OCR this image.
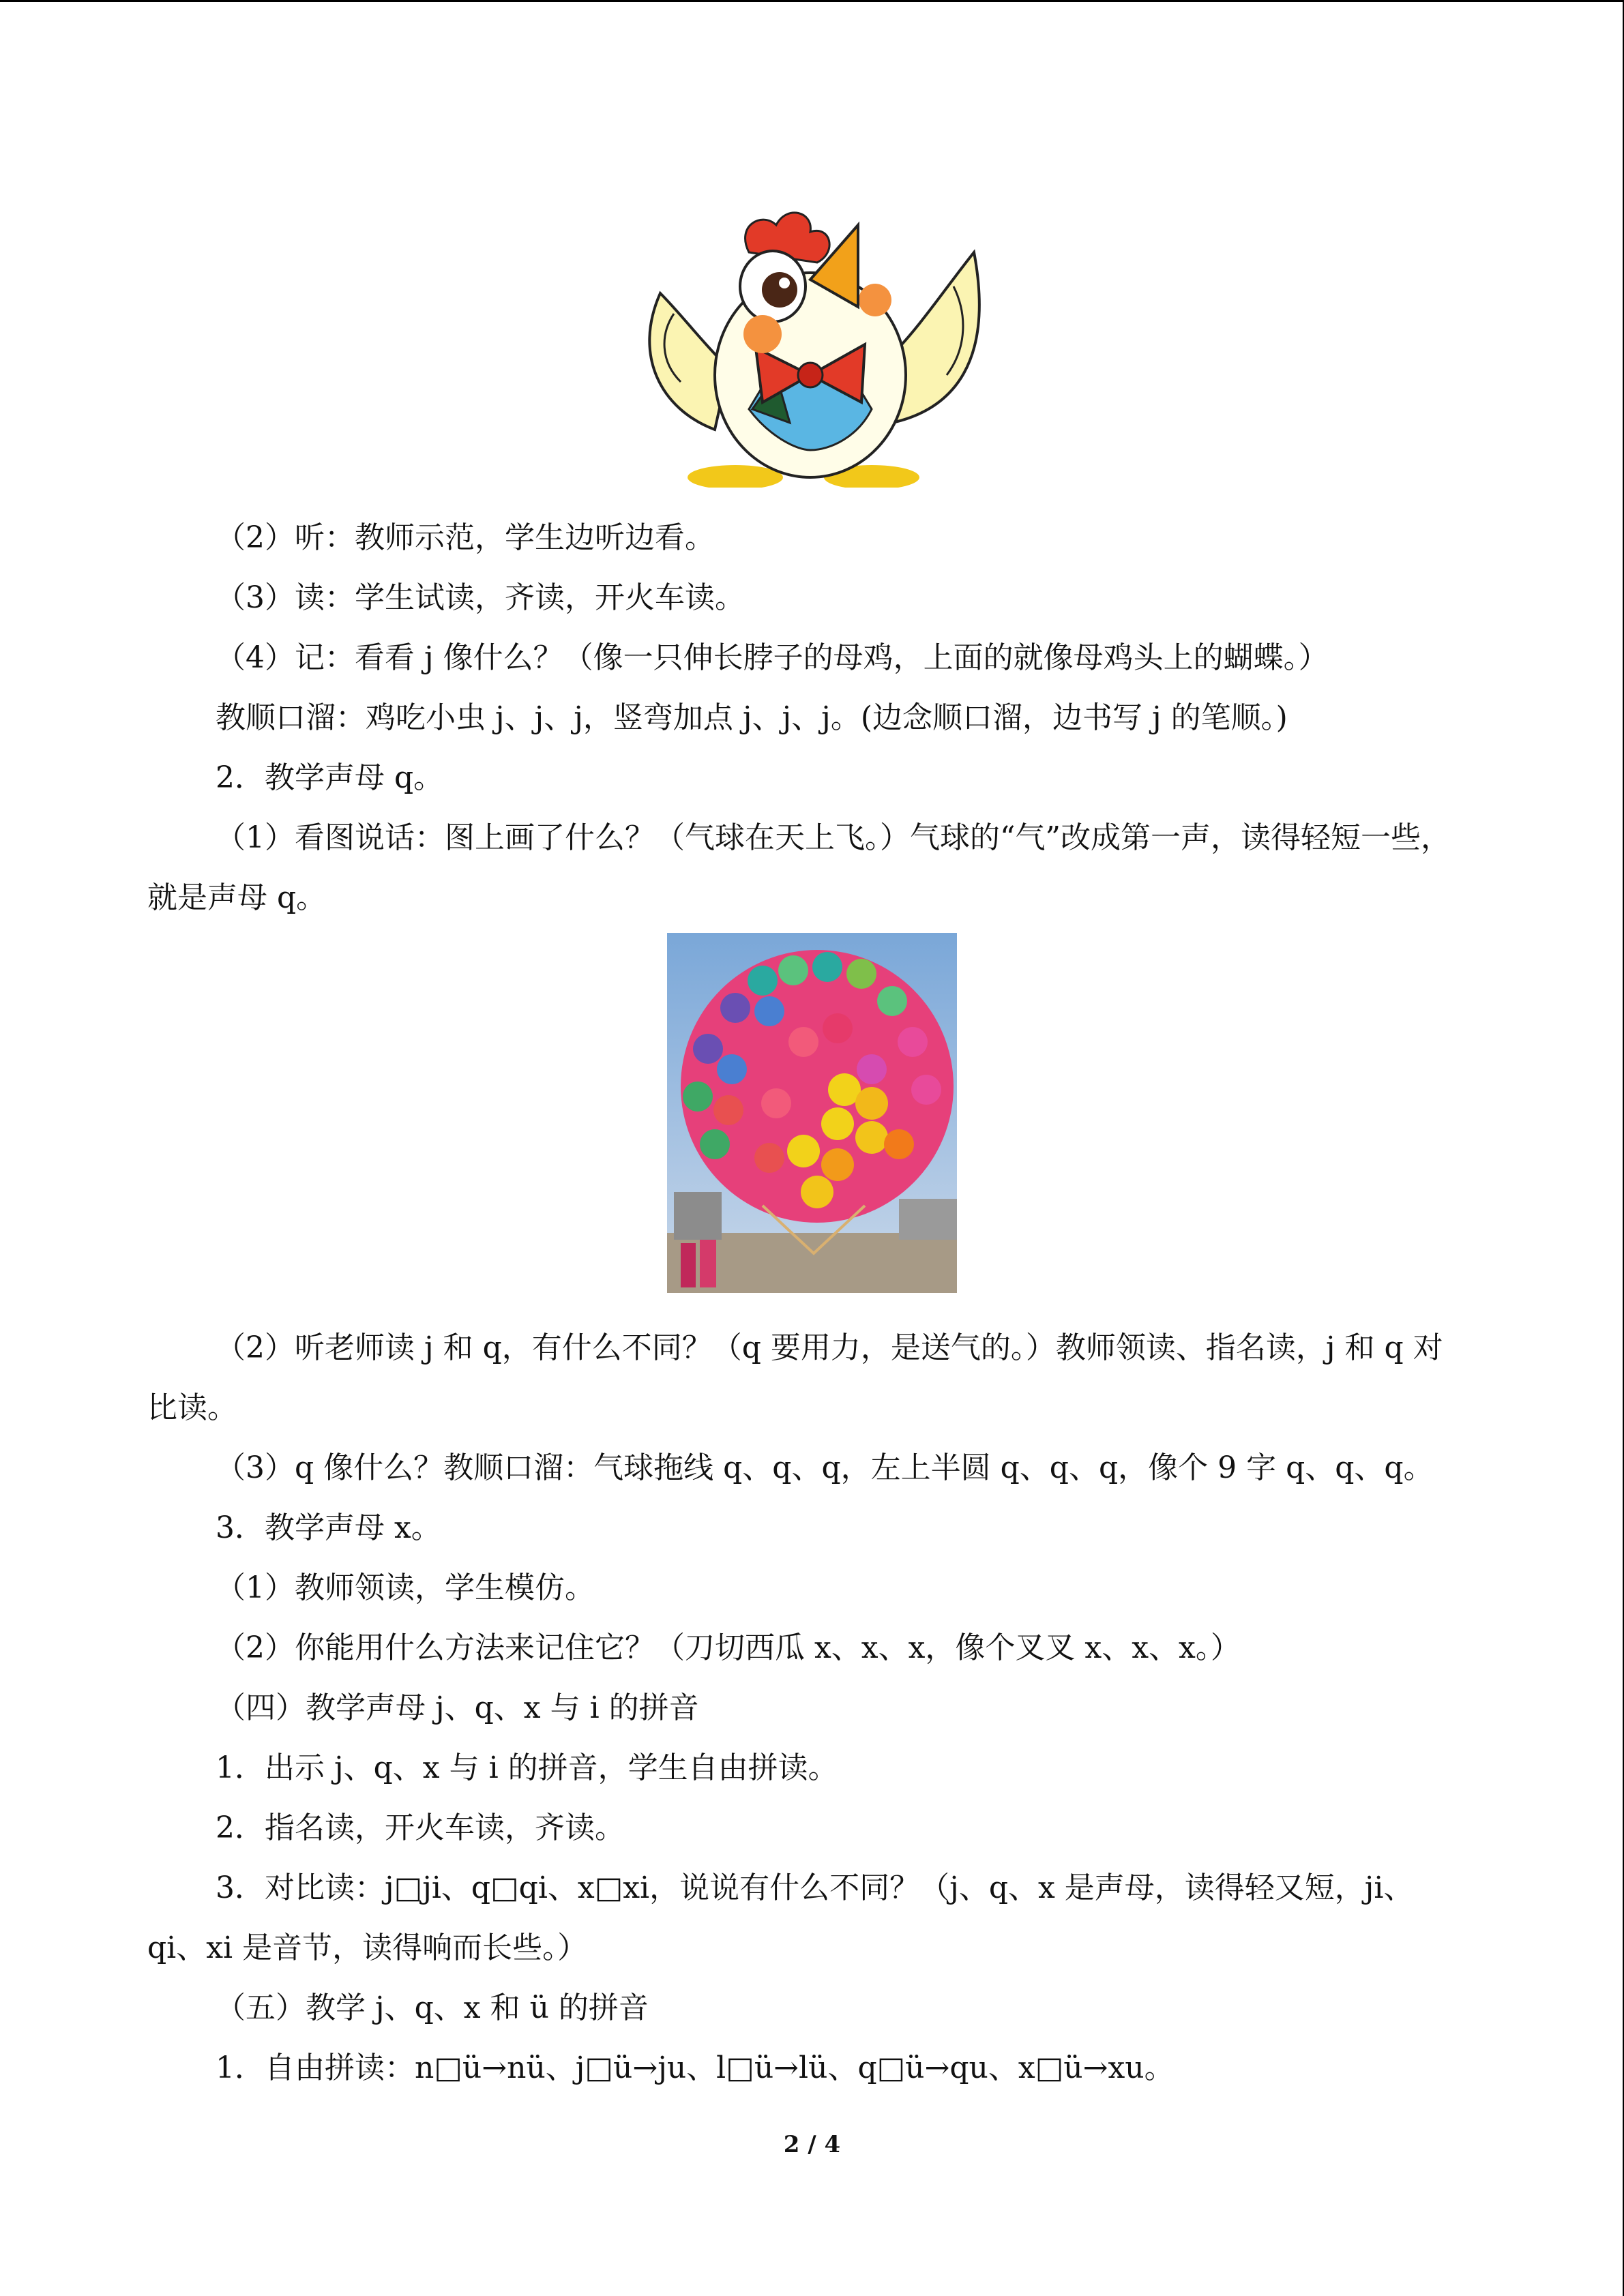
（2）听：教师示范，学生边听边看。
（3）读：学生试读，齐读，开火车读。
（4）记：看看 j 像什么？（像一只伸长脖子的母鸡，上面的就像母鸡头上的蝴蝶。）
教顺口溜：鸡吃小虫 j、j、j，竖弯加点 j、j、j。(边念顺口溜，边书写 j 的笔顺。)
2．教学声母 q。
（1）看图说话：图上画了什么？（气球在天上飞。）气球的“气”改成第一声，读得轻短一些，就是声母 q。
（2）听老师读 j 和 q，有什么不同？（q 要用力，是送气的。）教师领读、指名读，j 和 q 对比读。
（3）q 像什么？教顺口溜：气球拖线 q、q、q，左上半圆 q、q、q，像个 9 字 q、q、q。
3．教学声母 x。
（1）教师领读，学生模仿。
（2）你能用什么方法来记住它？（刀切西瓜 x、x、x，像个叉叉 x、x、x。）
（四）教学声母 j、q、x 与 i 的拼音
1．出示 j、q、x 与 i 的拼音，学生自由拼读。
2．指名读，开火车读，齐读。
3．对比读：j□ji、q□qi、x□xi，说说有什么不同？（j、q、x 是声母，读得轻又短，ji、qi、xi 是音节，读得响而长些。）
（五）教学 j、q、x 和 ü 的拼音
1．自由拼读：n□ü→nü、j□ü→ju、l□ü→lü、q□ü→qu、x□ü→xu。
2 / 4
